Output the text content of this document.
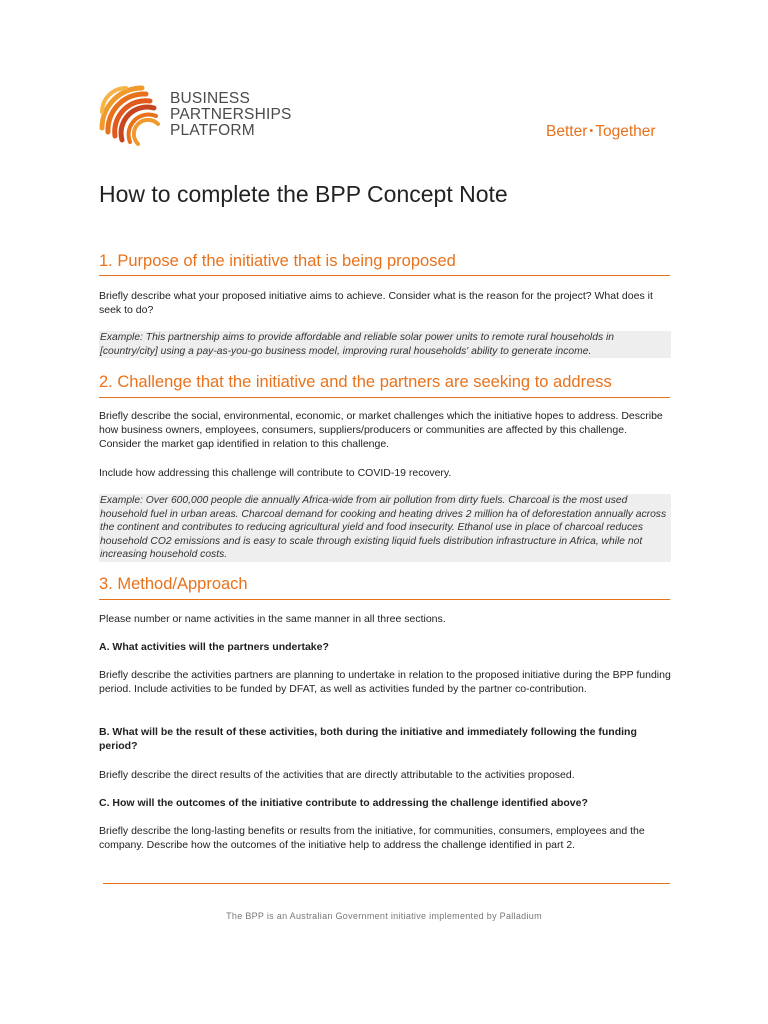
BUSINESS
PARTNERSHIPS
PLATFORM	Better • Together
How to complete the BPP Concept Note
1. Purpose of the initiative that is being proposed

Briefly describe what your proposed initiative aims to achieve. Consider what is the reason for the project? What does it seek to do?

Example: This partnership aims to provide affordable and reliable solar power units to remote rural households in [country/city] using a pay-as-you-go business model, improving rural households' ability to generate income.
2. Challenge that the initiative and the partners are seeking to address

Briefly describe the social, environmental, economic, or market challenges which the initiative hopes to address. Describe how business owners, employees, consumers, suppliers/producers or communities are affected by this challenge. Consider the market gap identified in relation to this challenge.

Include how addressing this challenge will contribute to COVID-19 recovery.

Example: Over 600,000 people die annually Africa-wide from air pollution from dirty fuels. Charcoal is the most used household fuel in urban areas. Charcoal demand for cooking and heating drives 2 million ha of deforestation annually across the continent and contributes to reducing agricultural yield and food insecurity. Ethanol use in place of charcoal reduces household CO2 emissions and is easy to scale through existing liquid fuels distribution infrastructure in Africa, while not increasing household costs.
3. Method/Approach

Please number or name activities in the same manner in all three sections.

A. What activities will the partners undertake?

Briefly describe the activities partners are planning to undertake in relation to the proposed initiative during the BPP funding period. Include activities to be funded by DFAT, as well as activities funded by the partner co-contribution.

B. What will be the result of these activities, both during the initiative and immediately following the funding period?

Briefly describe the direct results of the activities that are directly attributable to the activities proposed.

C. How will the outcomes of the initiative contribute to addressing the challenge identified above?

Briefly describe the long-lasting benefits or results from the initiative, for communities, consumers, employees and the company. Describe how the outcomes of the initiative help to address the challenge identified in part 2.

The BPP is an Australian Government initiative implemented by Palladium
